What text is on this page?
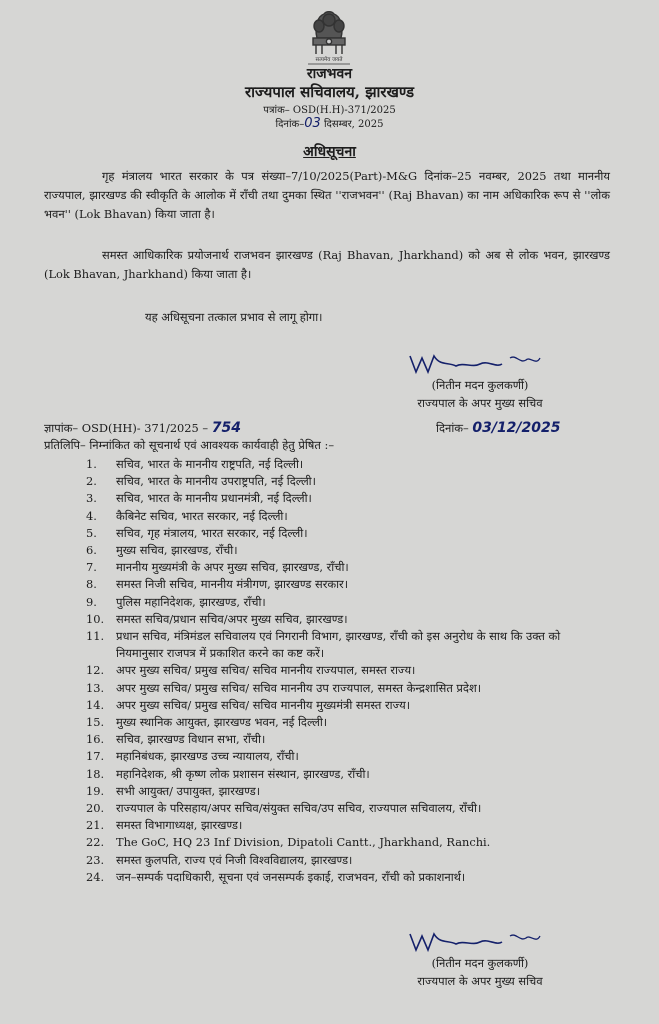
सत्यमेव जयते
राजभवन
राज्यपाल सचिवालय, झारखण्ड
पत्रांक– OSD(H.H)-371/2025
दिनांक–03 दिसम्बर, 2025
अधिसूचना
गृह मंत्रालय भारत सरकार के पत्र संख्या–7/10/2025(Part)-M&G दिनांक–25 नवम्बर, 2025 तथा माननीय राज्यपाल, झारखण्ड की स्वीकृति के आलोक में राँची तथा दुमका स्थित ''राजभवन'' (Raj Bhavan) का नाम अधिकारिक रूप से ''लोक भवन'' (Lok Bhavan) किया जाता है।
समस्त आधिकारिक प्रयोजनार्थ राजभवन झारखण्ड (Raj Bhavan, Jharkhand) को अब से लोक भवन, झारखण्ड (Lok Bhavan, Jharkhand) किया जाता है।
यह अधिसूचना तत्काल प्रभाव से लागू होगा।
(नितीन मदन कुलकर्णी)
राज्यपाल के अपर मुख्य सचिव
ज्ञापांक– OSD(HH)- 371/2025 – 754	दिनांक– 03/12/2025
प्रतिलिपि– निम्नांकित को सूचनार्थ एवं आवश्यक कार्यवाही हेतु प्रेषित :–
1. सचिव, भारत के माननीय राष्ट्रपति, नई दिल्ली।
2. सचिव, भारत के माननीय उपराष्ट्रपति, नई दिल्ली।
3. सचिव, भारत के माननीय प्रधानमंत्री, नई दिल्ली।
4. कैबिनेट सचिव, भारत सरकार, नई दिल्ली।
5. सचिव, गृह मंत्रालय, भारत सरकार, नई दिल्ली।
6. मुख्य सचिव, झारखण्ड, राँची।
7. माननीय मुख्यमंत्री के अपर मुख्य सचिव, झारखण्ड, राँची।
8. समस्त निजी सचिव, माननीय मंत्रीगण, झारखण्ड सरकार।
9. पुलिस महानिदेशक, झारखण्ड, राँची।
10. समस्त सचिव/प्रधान सचिव/अपर मुख्य सचिव, झारखण्ड।
11. प्रधान सचिव, मंत्रिमंडल सचिवालय एवं निगरानी विभाग, झारखण्ड, राँची को इस अनुरोध के साथ कि उक्त को नियमानुसार राजपत्र में प्रकाशित करने का कष्ट करें।
12. अपर मुख्य सचिव/ प्रमुख सचिव/ सचिव माननीय राज्यपाल, समस्त राज्य।
13. अपर मुख्य सचिव/ प्रमुख सचिव/ सचिव माननीय उप राज्यपाल, समस्त केन्द्रशासित प्रदेश।
14. अपर मुख्य सचिव/ प्रमुख सचिव/ सचिव माननीय मुख्यमंत्री समस्त राज्य।
15. मुख्य स्थानिक आयुक्त, झारखण्ड भवन, नई दिल्ली।
16. सचिव, झारखण्ड विधान सभा, राँची।
17. महानिबंधक, झारखण्ड उच्च न्यायालय, राँची।
18. महानिदेशक, श्री कृष्ण लोक प्रशासन संस्थान, झारखण्ड, राँची।
19. सभी आयुक्त/ उपायुक्त, झारखण्ड।
20. राज्यपाल के परिसहाय/अपर सचिव/संयुक्त सचिव/उप सचिव, राज्यपाल सचिवालय, राँची।
21. समस्त विभागाध्यक्ष, झारखण्ड।
22. The GoC, HQ 23 Inf Division, Dipatoli Cantt., Jharkhand, Ranchi.
23. समस्त कुलपति, राज्य एवं निजी विश्वविद्यालय, झारखण्ड।
24. जन–सम्पर्क पदाधिकारी, सूचना एवं जनसम्पर्क इकाई, राजभवन, राँची को प्रकाशनार्थ।
(नितीन मदन कुलकर्णी)
राज्यपाल के अपर मुख्य सचिव
